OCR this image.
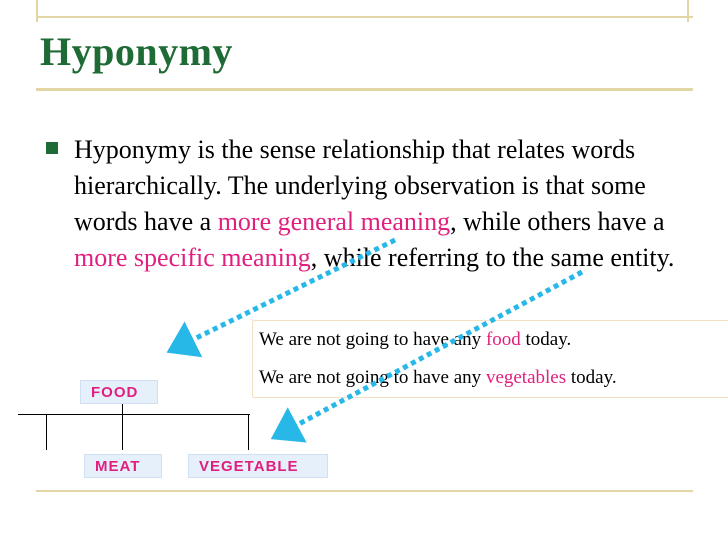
Hyponymy
Hyponymy is the sense relationship that relates words hierarchically. The underlying observation is that some words have a more general meaning, while others have a more specific meaning, while referring to the same entity.
We are not going to have any food today.
We are not going to have any vegetables today.
FOOD
MEAT	VEGETABLE
